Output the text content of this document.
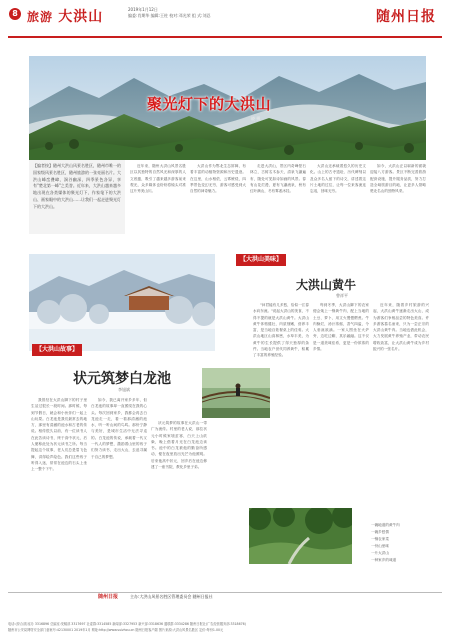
8 旅游 大洪山	2019年1月12日
编委:肖期华 编辑:王柱 校对:邓光荣 组 式:刘忍	随州日报
聚光灯下的大洪山
晓 摄
【编者按】随州大洪山风景名胜区，随州市唯一的国家级风景名胜区，随州旅游的一张亮丽名片。大洪山峰峦叠嶂，涧谷幽深，四季景色各异，享有"楚北第一峰"之美誉。近年来，大洪山越来越多地出现在各类媒体的聚光灯下，作家笔下的大洪山、画家眼中的大洪山……让我们一起走进聚光灯下的大洪山。
近年来，随州大洪山风景名胜区以其独特的自然风光和深厚的人文底蕴，吸引了越来越多游客前来观光，众多媒体也纷纷将镜头对准这片秀美山川。
大洪山作为鄂北生态屏障，有着丰富的动植物资源和历史遗迹。在这里，山水相依，云雾缭绕，四季景色变幻无穷，游客可感受到大自然的神奇魅力。
走进大洪山，景区内奇峰怪石林立，古树名木参天，清泉飞瀑遍布，随处可见如诗如画的风景。春有山花烂漫，夏有飞瀑流泉，秋有红叶满山，冬有雾凇冰挂。
大洪山还承载着悠久的历史文化。山上的古寺遗址、历代碑刻以及众多名人留下的诗文，讲述着这片土地的过往，让每一位来客流连忘返，回味无穷。
如今，大洪山正以崭新的面貌迎接八方游客。景区不断完善旅游配套设施，提升服务品质，努力打造全域旅游目的地，让更多人领略楚北名山的独特风采。
【大洪山故事】
状元筑梦白龙池
李旭斌
我曾经在大洪山脚下的村子里生活过很长一段时间。那时候，每到节假日，就会和小伙伴们一起上山玩耍。白龙池是我们最常去的地方，那里有清澈的池水和古老的传说。相传很久以前，有一位读书人在此苦读诗书，终于高中状元，后人便称此处为状元读书之所。每当提起这个故事，老人们总是眉飞色舞，讲得绘声绘色。我们这些孩子听得入迷，常常在池边的石头上坐上一整个下午。
如今，我已离开家乡多年，但白龙池的故事却一直萦绕在我的心头。每次回到家乡，我都会再去白龙池走一走，看一看那清澈的池水，听一听山间的鸟鸣。那份宁静与美好，是城市生活中无法寻觅的。白龙池的传说，承载着一代又一代人的梦想，激励着山里的孩子们努力读书，走出大山，去追寻属于自己的梦想。
状元筑梦的故事在大洪山一带广为流传。村里的老人说，那位状元小时候家境贫寒，白天上山砍柴，晚上借着月光在白龙池边读书。池中的白龙被他的勤奋所感动，便在夜里放出光芒为他照明。后来他高中状元，回乡后在池边修建了一座书院，教化乡里子弟。
【大洪山美味】
大洪山黄牛
曾祥平
"问君能有几多愁，恰似一江春水向东流。"说起大洪山的美食，不得不提的就是大洪山黄牛。大洪山黄牛体格健壮，肉质细嫩，营养丰富，是当地百姓餐桌上的佳肴。大洪山地区山高林密，水草丰美，为黄牛的生长提供了得天独厚的条件。当地农户世代饲养黄牛，积累了丰富的养殖经验。
每到冬季，大洪山脚下的农家便会炖上一锅黄牛肉，配上当地的土豆、萝卜，用文火慢慢煨煮。牛肉酥烂，汤汁浓郁，香气四溢，令人垂涎欲滴。一家人围坐在火炉旁，边吃边聊，其乐融融。这不仅是一道美味佳肴，更是一份浓浓的乡情。
近年来，随着乡村旅游的兴起，大洪山黄牛逐渐走出大山，成为游客们争相品尝的特色美食。许多游客慕名而来，只为一尝正宗的大洪山黄牛肉。当地也借此机会，大力发展黄牛养殖产业，带动农民增收致富，让大洪山黄牛成为乡村振兴的一张名片。
一碗地道的黄牛肉
一碗乡愁情
一锅农家菜
一份山里味
一片大洪山
一种家乡的味道
随州日报	主办:大洪山风景名胜区管理委员会 随州日报社
电话:(综合部)室办 3316896 总编室:发稿部 3317697 社委群:3314585 新闻部:3327953 新兴部:3318636 通联群:3334286 随州日报社(广告经营服务部:3318676)
随州市公安局网络安全部门备案号:42130001 2019年1月 网址:http://www.suizhou.cn 随州日报客户端 图片来源:大洪山风景名胜区 定价:每份1.00元
